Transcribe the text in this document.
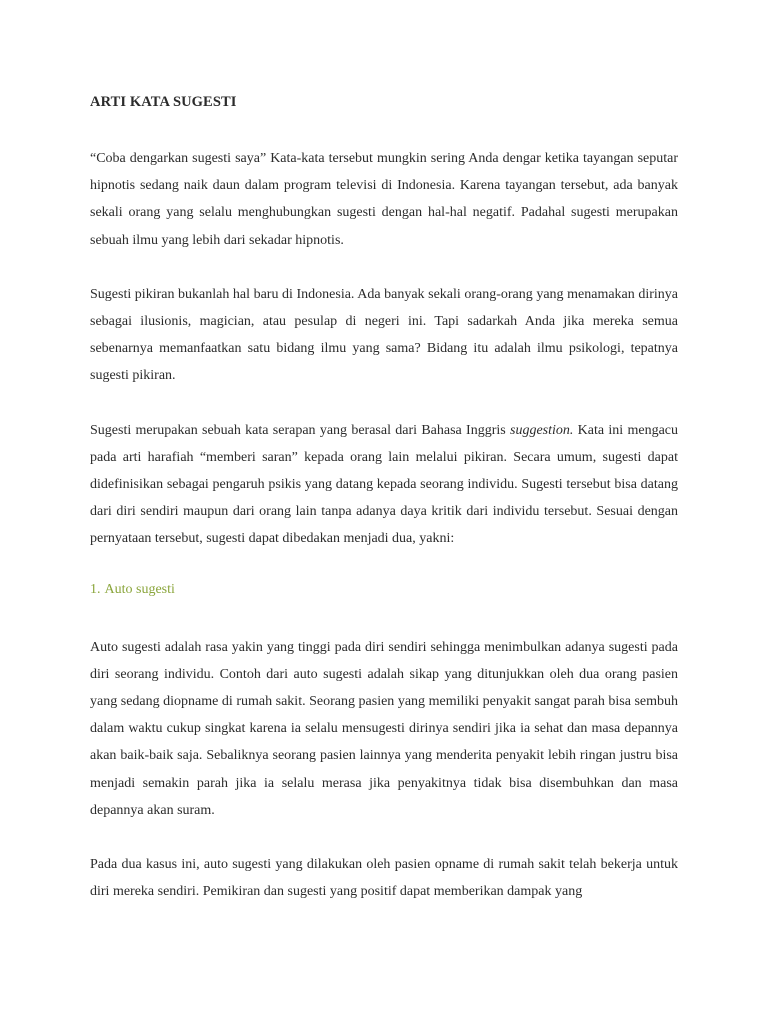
ARTI KATA SUGESTI

“Coba dengarkan sugesti saya” Kata-kata tersebut mungkin sering Anda dengar ketika tayangan seputar hipnotis sedang naik daun dalam program televisi di Indonesia. Karena tayangan tersebut, ada banyak sekali orang yang selalu menghubungkan sugesti dengan hal-hal negatif. Padahal sugesti merupakan sebuah ilmu yang lebih dari sekadar hipnotis.

Sugesti pikiran bukanlah hal baru di Indonesia. Ada banyak sekali orang-orang yang menamakan dirinya sebagai ilusionis, magician, atau pesulap di negeri ini. Tapi sadarkah Anda jika mereka semua sebenarnya memanfaatkan satu bidang ilmu yang sama? Bidang itu adalah ilmu psikologi, tepatnya sugesti pikiran.

Sugesti merupakan sebuah kata serapan yang berasal dari Bahasa Inggris suggestion. Kata ini mengacu pada arti harafiah “memberi saran” kepada orang lain melalui pikiran. Secara umum, sugesti dapat didefinisikan sebagai pengaruh psikis yang datang kepada seorang individu. Sugesti tersebut bisa datang dari diri sendiri maupun dari orang lain tanpa adanya daya kritik dari individu tersebut. Sesuai dengan pernyataan tersebut, sugesti dapat dibedakan menjadi dua, yakni:

1. Auto sugesti

Auto sugesti adalah rasa yakin yang tinggi pada diri sendiri sehingga menimbulkan adanya sugesti pada diri seorang individu. Contoh dari auto sugesti adalah sikap yang ditunjukkan oleh dua orang pasien yang sedang diopname di rumah sakit. Seorang pasien yang memiliki penyakit sangat parah bisa sembuh dalam waktu cukup singkat karena ia selalu mensugesti dirinya sendiri jika ia sehat dan masa depannya akan baik-baik saja. Sebaliknya seorang pasien lainnya yang menderita penyakit lebih ringan justru bisa menjadi semakin parah jika ia selalu merasa jika penyakitnya tidak bisa disembuhkan dan masa depannya akan suram.

Pada dua kasus ini, auto sugesti yang dilakukan oleh pasien opname di rumah sakit telah bekerja untuk diri mereka sendiri. Pemikiran dan sugesti yang positif dapat memberikan dampak yang
